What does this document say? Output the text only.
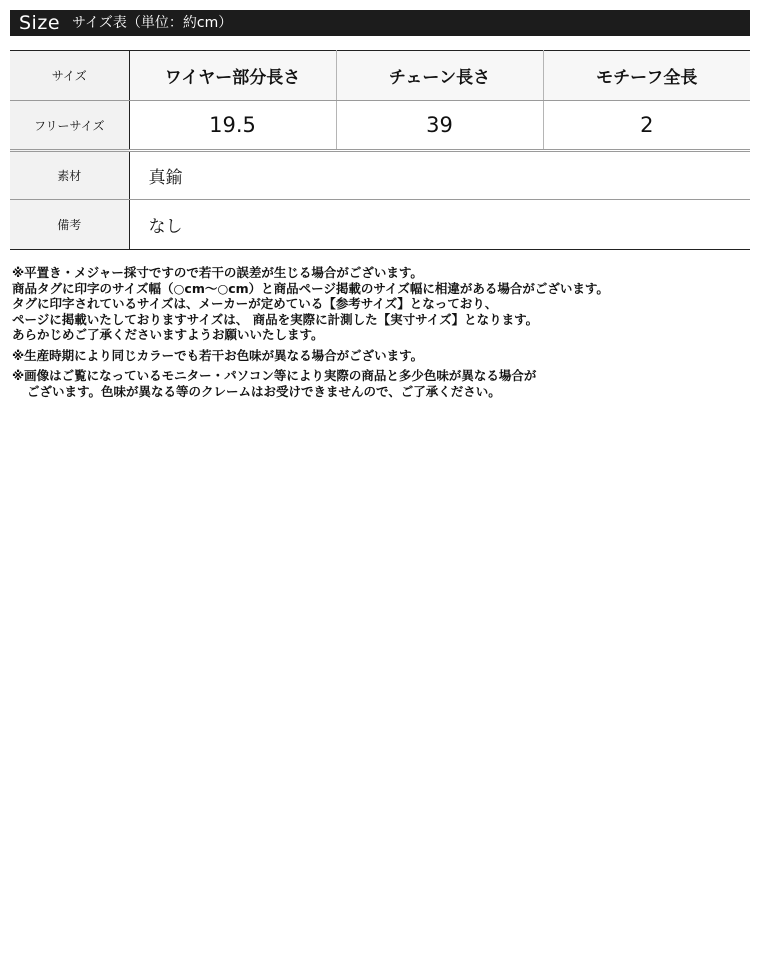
Size サイズ表（単位：約cm）
サイズ	ワイヤー部分長さ	チェーン長さ	モチーフ全長
フリーサイズ	19.5	39	2
素材	真鍮		
備考	なし		

※平置き・メジャー採寸ですので若干の誤差が生じる場合がございます。

商品タグに印字のサイズ幅（○cm～○cm）と商品ページ掲載のサイズ幅に相違がある場合がございます。

タグに印字されているサイズは、メーカーが定めている【参考サイズ】となっており、

ページに掲載いたしておりますサイズは、 商品を実際に計測した【実寸サイズ】となります。

あらかじめご了承くださいますようお願いいたします。

※生産時期により同じカラーでも若干お色味が異なる場合がございます。

※画像はご覧になっているモニター・パソコン等により実際の商品と多少色味が異なる場合が

ございます。色味が異なる等のクレームはお受けできませんので、ご了承ください。
